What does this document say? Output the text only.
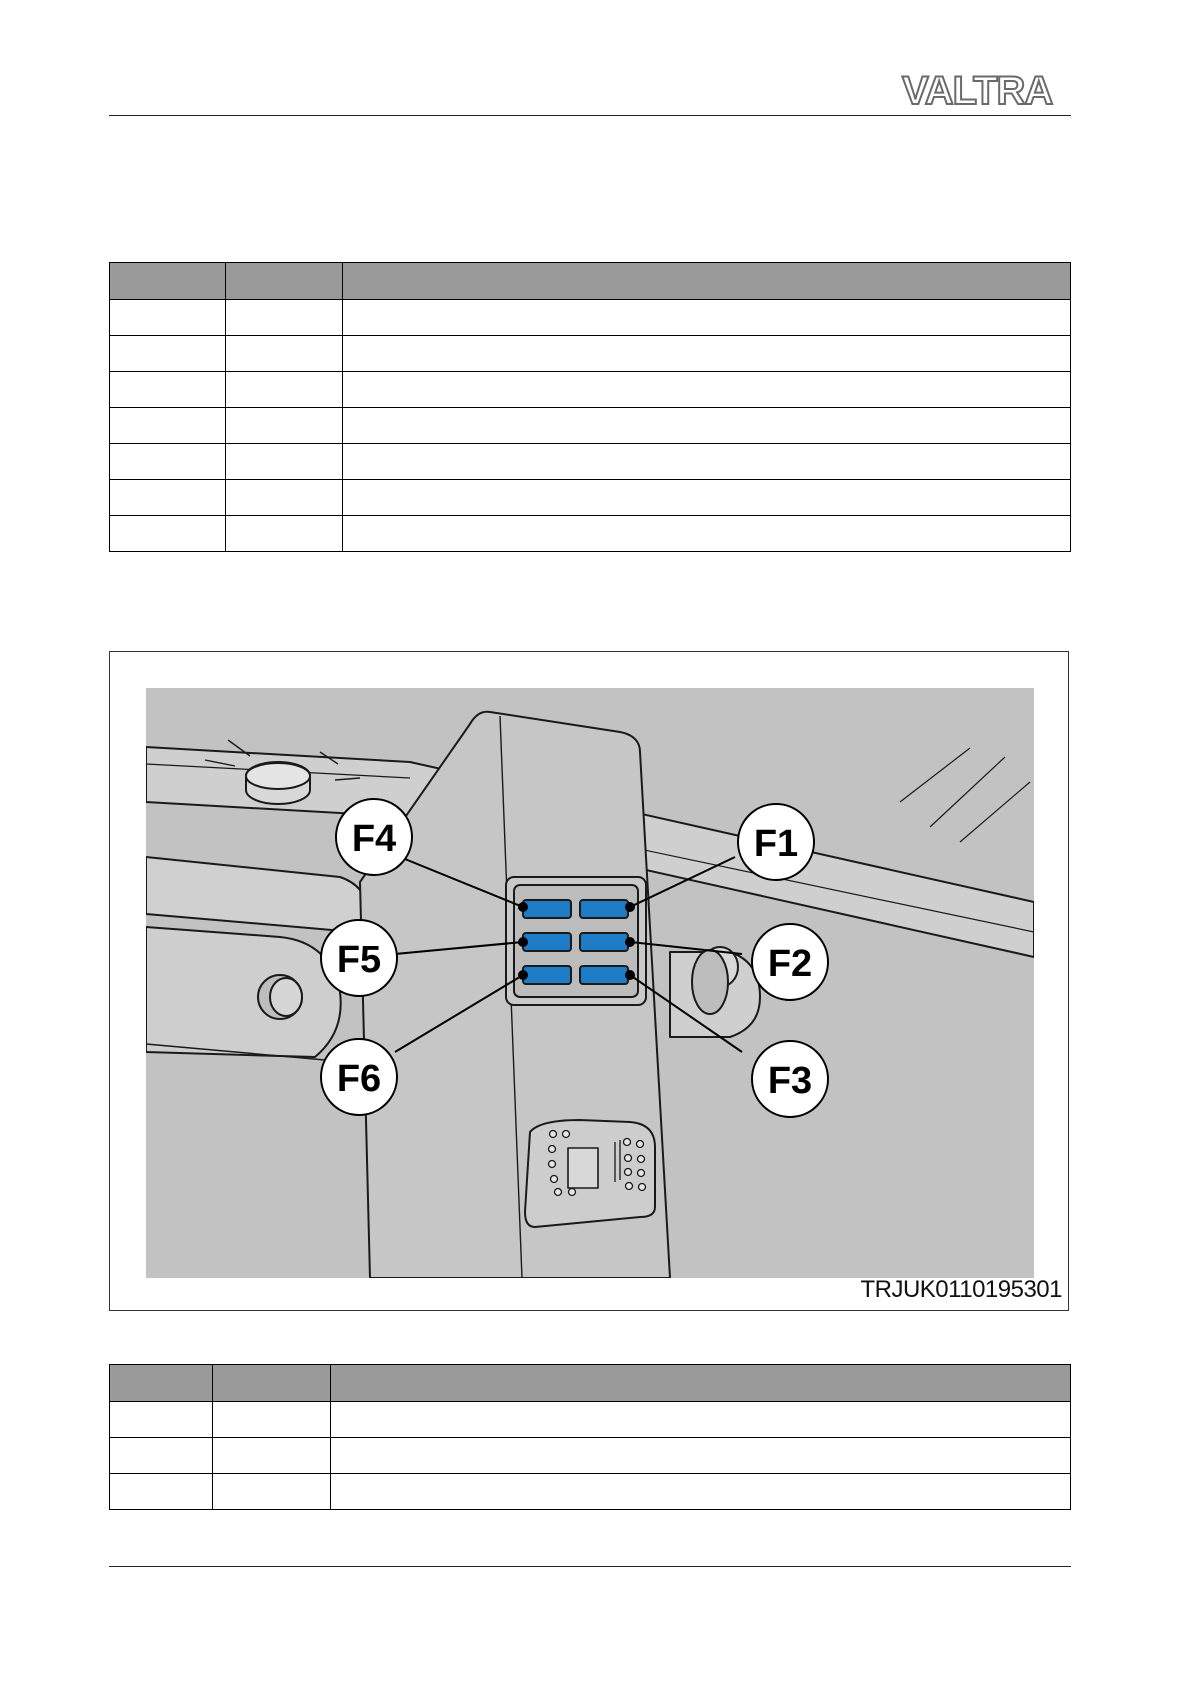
VALTRA

F4	F1
F5	F2
F6	F3
TRJUK0110195301
